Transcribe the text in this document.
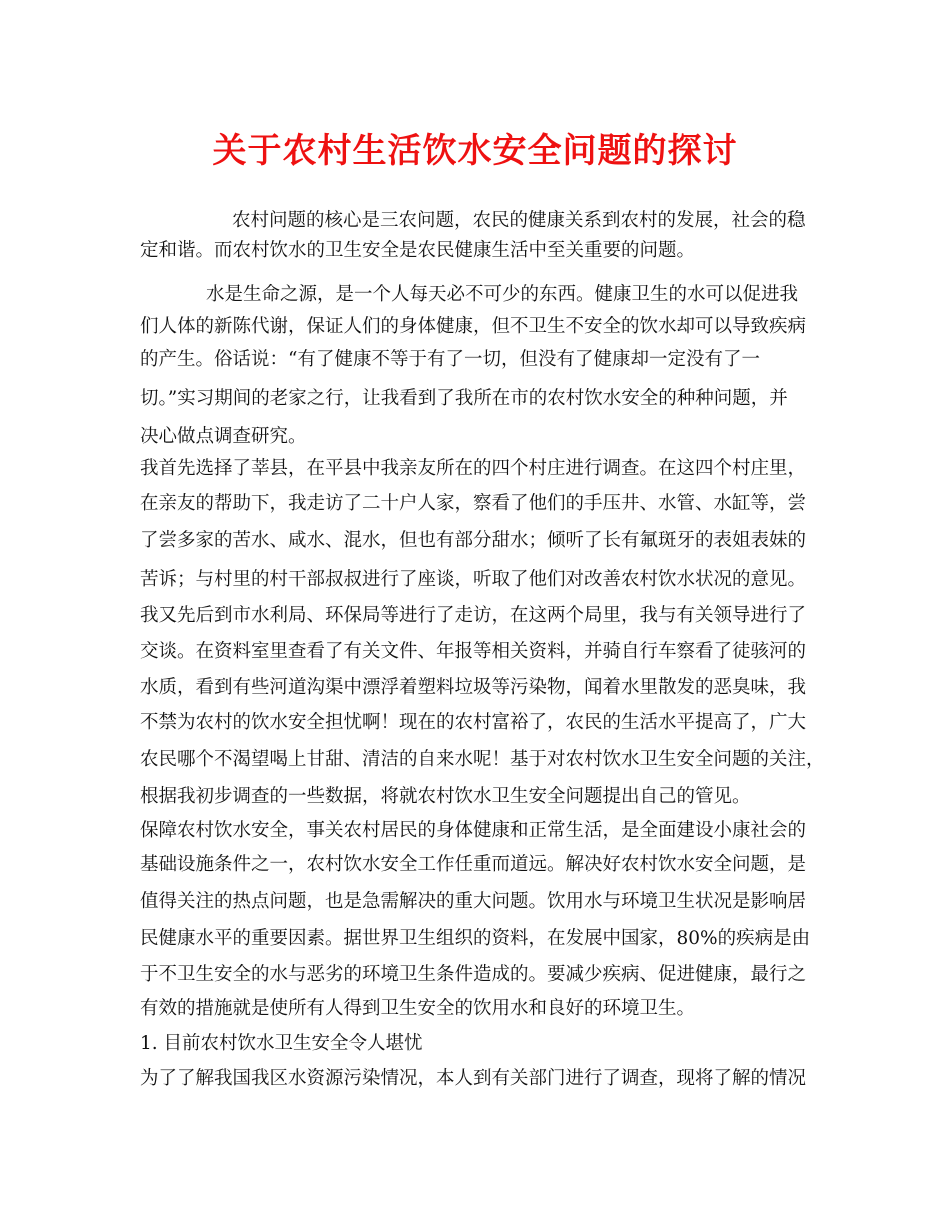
关于农村生活饮水安全问题的探讨
农村问题的核心是三农问题，农民的健康关系到农村的发展，社会的稳
定和谐。而农村饮水的卫生安全是农民健康生活中至关重要的问题。
水是生命之源，是一个人每天必不可少的东西。健康卫生的水可以促进我
们人体的新陈代谢，保证人们的身体健康，但不卫生不安全的饮水却可以导致疾病
的产生。俗话说：“有了健康不等于有了一切，但没有了健康却一定没有了一
切。”实习期间的老家之行，让我看到了我所在市的农村饮水安全的种种问题，并
决心做点调查研究。
我首先选择了莘县，在平县中我亲友所在的四个村庄进行调查。在这四个村庄里，
在亲友的帮助下，我走访了二十户人家，察看了他们的手压井、水管、水缸等，尝
了尝多家的苦水、咸水、混水，但也有部分甜水；倾听了长有氟斑牙的表姐表妹的
苦诉；与村里的村干部叔叔进行了座谈，听取了他们对改善农村饮水状况的意见。
我又先后到市水利局、环保局等进行了走访，在这两个局里，我与有关领导进行了
交谈。在资料室里查看了有关文件、年报等相关资料，并骑自行车察看了徒骇河的
水质，看到有些河道沟渠中漂浮着塑料垃圾等污染物，闻着水里散发的恶臭味，我
不禁为农村的饮水安全担忧啊！现在的农村富裕了，农民的生活水平提高了，广大
农民哪个不渴望喝上甘甜、清洁的自来水呢！基于对农村饮水卫生安全问题的关注，
根据我初步调查的一些数据，将就农村饮水卫生安全问题提出自己的管见。
保障农村饮水安全，事关农村居民的身体健康和正常生活，是全面建设小康社会的
基础设施条件之一，农村饮水安全工作任重而道远。解决好农村饮水安全问题，是
值得关注的热点问题，也是急需解决的重大问题。饮用水与环境卫生状况是影响居
民健康水平的重要因素。据世界卫生组织的资料，在发展中国家，80%的疾病是由
于不卫生安全的水与恶劣的环境卫生条件造成的。要减少疾病、促进健康，最行之
有效的措施就是使所有人得到卫生安全的饮用水和良好的环境卫生。
1. 目前农村饮水卫生安全令人堪忧
为了了解我国我区水资源污染情况，本人到有关部门进行了调查，现将了解的情况
